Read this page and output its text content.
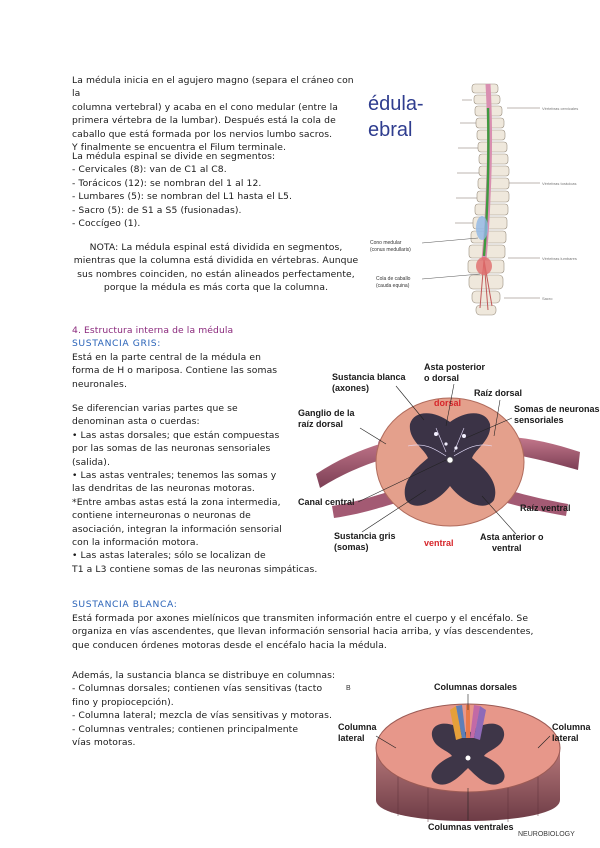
La médula inicia en el agujero magno (separa el cráneo con la

columna vertebral) y acaba en el cono medular (entre la

primera vértebra de la lumbar). Después está la cola de

caballo que está formada por los nervios lumbo sacros.

Y finalmente se encuentra el Filum terminale.

La médula espinal se divide en segmentos:

- Cervicales (8): van de C1 al C8.

- Torácicos (12): se nombran del 1 al 12.

- Lumbares (5): se nombran del L1 hasta el L5.

- Sacro (5): de S1 a S5 (fusionadas).

- Coccígeo (1).

NOTA: La médula espinal está dividida en segmentos,

mientras que la columna está dividida en vértebras. Aunque

sus nombres coinciden, no están alineados perfectamente,

porque la médula es más corta que la columna.

édula-
ebral
Vértebras cervicales
Vértebras torácicas
Vértebras lumbares
Sacro
Cono medular
(conus medullaris)
Cola de caballo
(cauda equina)
4. Estructura interna de la médula
SUSTANCIA GRIS:

Está en la parte central de la médula en

forma de H o mariposa. Contiene las somas

neuronales.

Se diferencian varias partes que se

denominan asta o cuerdas:

• Las astas dorsales; que están compuestas

por las somas de las neuronas sensoriales

(salida).

• Las astas ventrales; tenemos las somas y

las dendritas de las neuronas motoras.

*Entre ambas astas está la zona intermedia,

contiene interneuronas o neuronas de

asociación, integran la información sensorial

con la información motora.

• Las astas laterales; sólo se localizan de

T1 a L3 contiene somas de las neuronas simpáticas.

Sustancia blanca
(axones)
Asta posterior
o dorsal
dorsal
Raíz dorsal
Ganglio de la
raíz dorsal
Somas de neuronas
sensoriales
Canal central
Raíz ventral
Sustancia gris
(somas)	ventral
Asta anterior o
ventral
SUSTANCIA BLANCA:

Está formada por axones mielínicos que transmiten información entre el cuerpo y el encéfalo. Se

organiza en vías ascendentes, que llevan información sensorial hacia arriba, y vías descendentes,

que conducen órdenes motoras desde el encéfalo hacia la médula.

Además, la sustancia blanca se distribuye en columnas:

- Columnas dorsales; contienen vías sensitivas (tacto

fino y propiocepción).

- Columna lateral; mezcla de vías sensitivas y motoras.

- Columnas ventrales; contienen principalmente

vías motoras.

B	Columnas dorsales
Columna
lateral
Columna
lateral
Columnas ventrales
NEUROBIOLOGY
